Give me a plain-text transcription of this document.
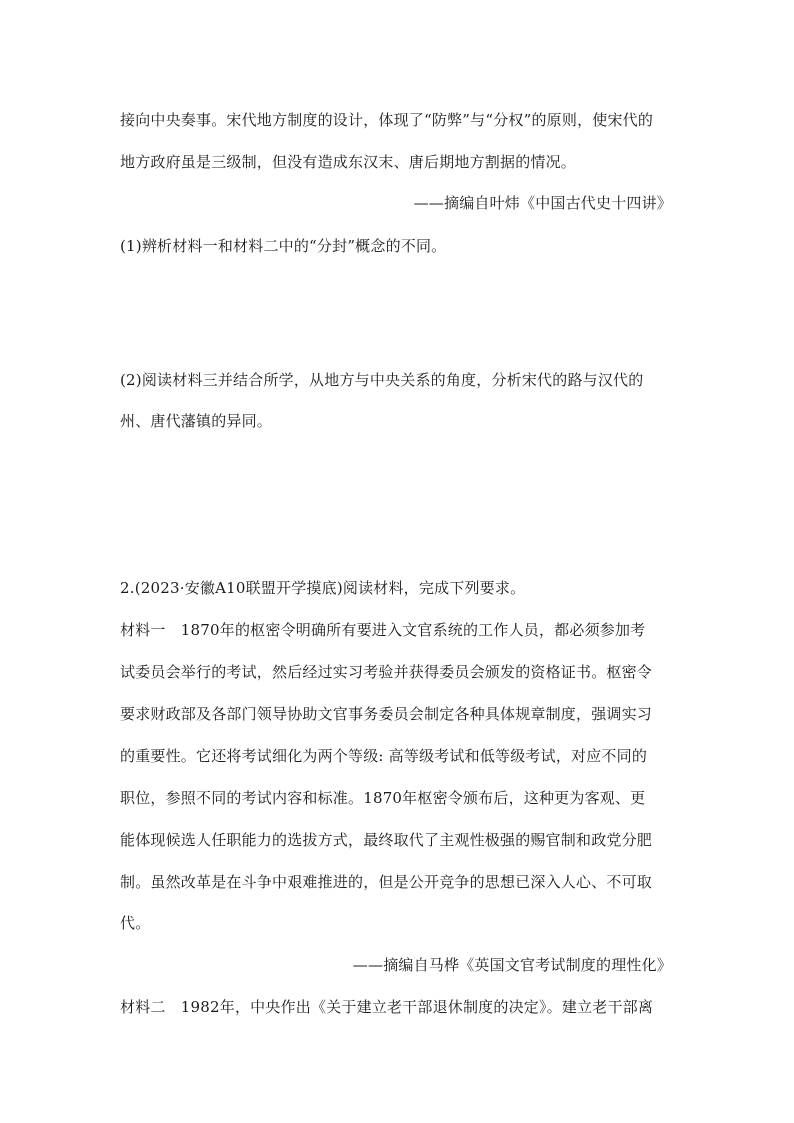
接向中央奏事。宋代地方制度的设计，体现了“防弊”与“分权”的原则，使宋代的
地方政府虽是三级制，但没有造成东汉末、唐后期地方割据的情况。
——摘编自叶炜《中国古代史十四讲》
(1)辨析材料一和材料二中的“分封”概念的不同。
(2)阅读材料三并结合所学，从地方与中央关系的角度，分析宋代的路与汉代的
州、唐代藩镇的异同。
2.(2023·安徽A10联盟开学摸底)阅读材料，完成下列要求。
材料一　1870年的枢密令明确所有要进入文官系统的工作人员，都必须参加考
试委员会举行的考试，然后经过实习考验并获得委员会颁发的资格证书。枢密令
要求财政部及各部门领导协助文官事务委员会制定各种具体规章制度，强调实习
的重要性。它还将考试细化为两个等级: 高等级考试和低等级考试，对应不同的
职位，参照不同的考试内容和标准。1870年枢密令颁布后，这种更为客观、更
能体现候选人任职能力的选拔方式，最终取代了主观性极强的赐官制和政党分肥
制。虽然改革是在斗争中艰难推进的，但是公开竞争的思想已深入人心、不可取
代。
——摘编自马桦《英国文官考试制度的理性化》
材料二　1982年，中央作出《关于建立老干部退休制度的决定》。建立老干部离
